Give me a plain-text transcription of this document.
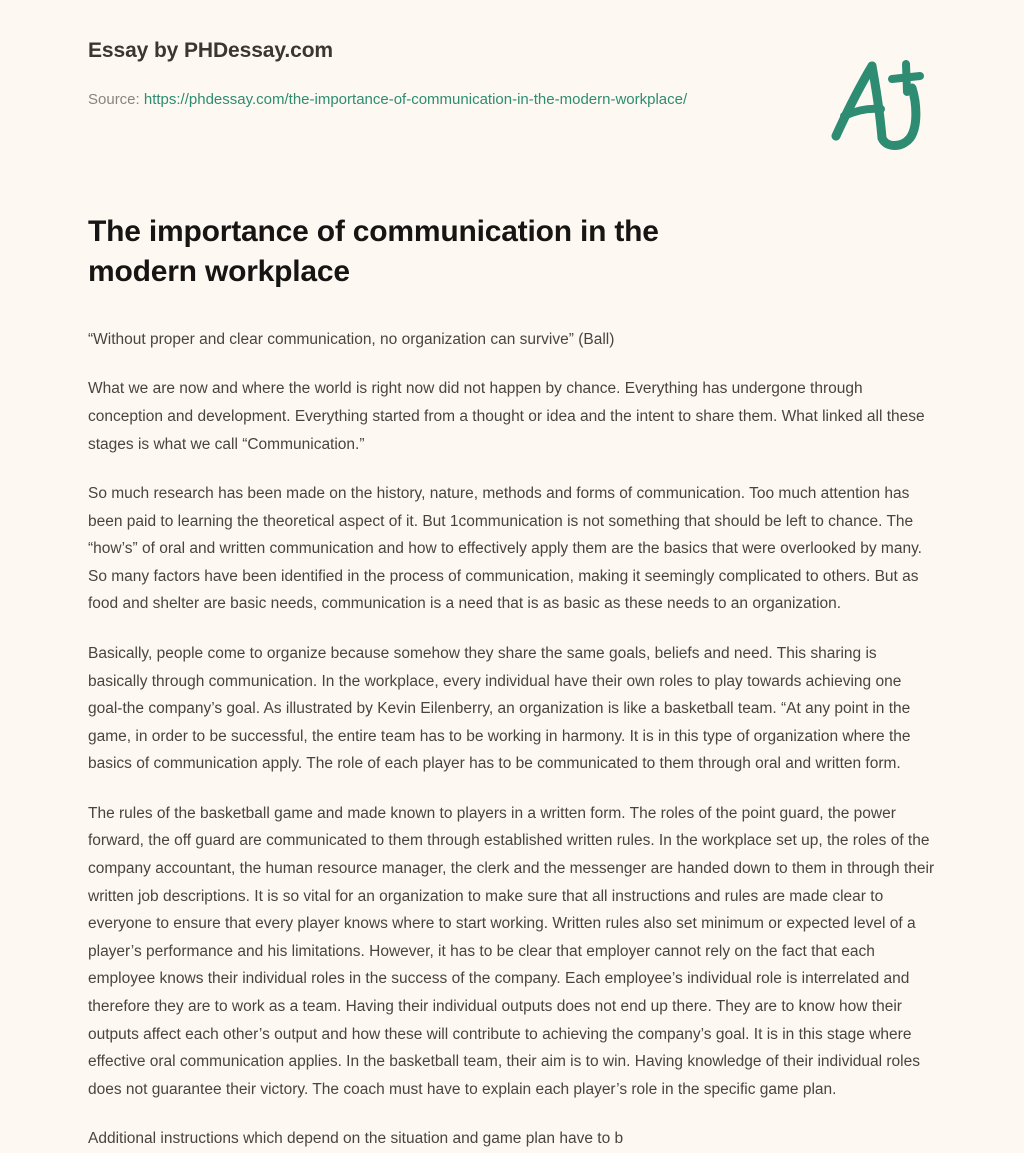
Essay by PHDessay.com
Source: https://phdessay.com/the-importance-of-communication-in-the-modern-workplace/
The importance of communication in the modern workplace

“Without proper and clear communication, no organization can survive” (Ball)

What we are now and where the world is right now did not happen by chance. Everything has undergone through conception and development. Everything started from a thought or idea and the intent to share them. What linked all these stages is what we call “Communication.”

So much research has been made on the history, nature, methods and forms of communication. Too much attention has been paid to learning the theoretical aspect of it. But 1communication is not something that should be left to chance. The “how’s” of oral and written communication and how to effectively apply them are the basics that were overlooked by many. So many factors have been identified in the process of communication, making it seemingly complicated to others. But as food and shelter are basic needs, communication is a need that is as basic as these needs to an organization.

Basically, people come to organize because somehow they share the same goals, beliefs and need. This sharing is basically through communication. In the workplace, every individual have their own roles to play towards achieving one goal-the company’s goal. As illustrated by Kevin Eilenberry, an organization is like a basketball team. “At any point in the game, in order to be successful, the entire team has to be working in harmony. It is in this type of organization where the basics of communication apply. The role of each player has to be communicated to them through oral and written form.

The rules of the basketball game and made known to players in a written form. The roles of the point guard, the power forward, the off guard are communicated to them through established written rules. In the workplace set up, the roles of the company accountant, the human resource manager, the clerk and the messenger are handed down to them in through their written job descriptions. It is so vital for an organization to make sure that all instructions and rules are made clear to everyone to ensure that every player knows where to start working. Written rules also set minimum or expected level of a player’s performance and his limitations. However, it has to be clear that employer cannot rely on the fact that each employee knows their individual roles in the success of the company. Each employee’s individual role is interrelated and therefore they are to work as a team. Having their individual outputs does not end up there. They are to know how their outputs affect each other’s output and how these will contribute to achieving the company’s goal. It is in this stage where effective oral communication applies. In the basketball team, their aim is to win. Having knowledge of their individual roles does not guarantee their victory. The coach must have to explain each player’s role in the specific game plan.

Additional instructions which depend on the situation and game plan have to b
